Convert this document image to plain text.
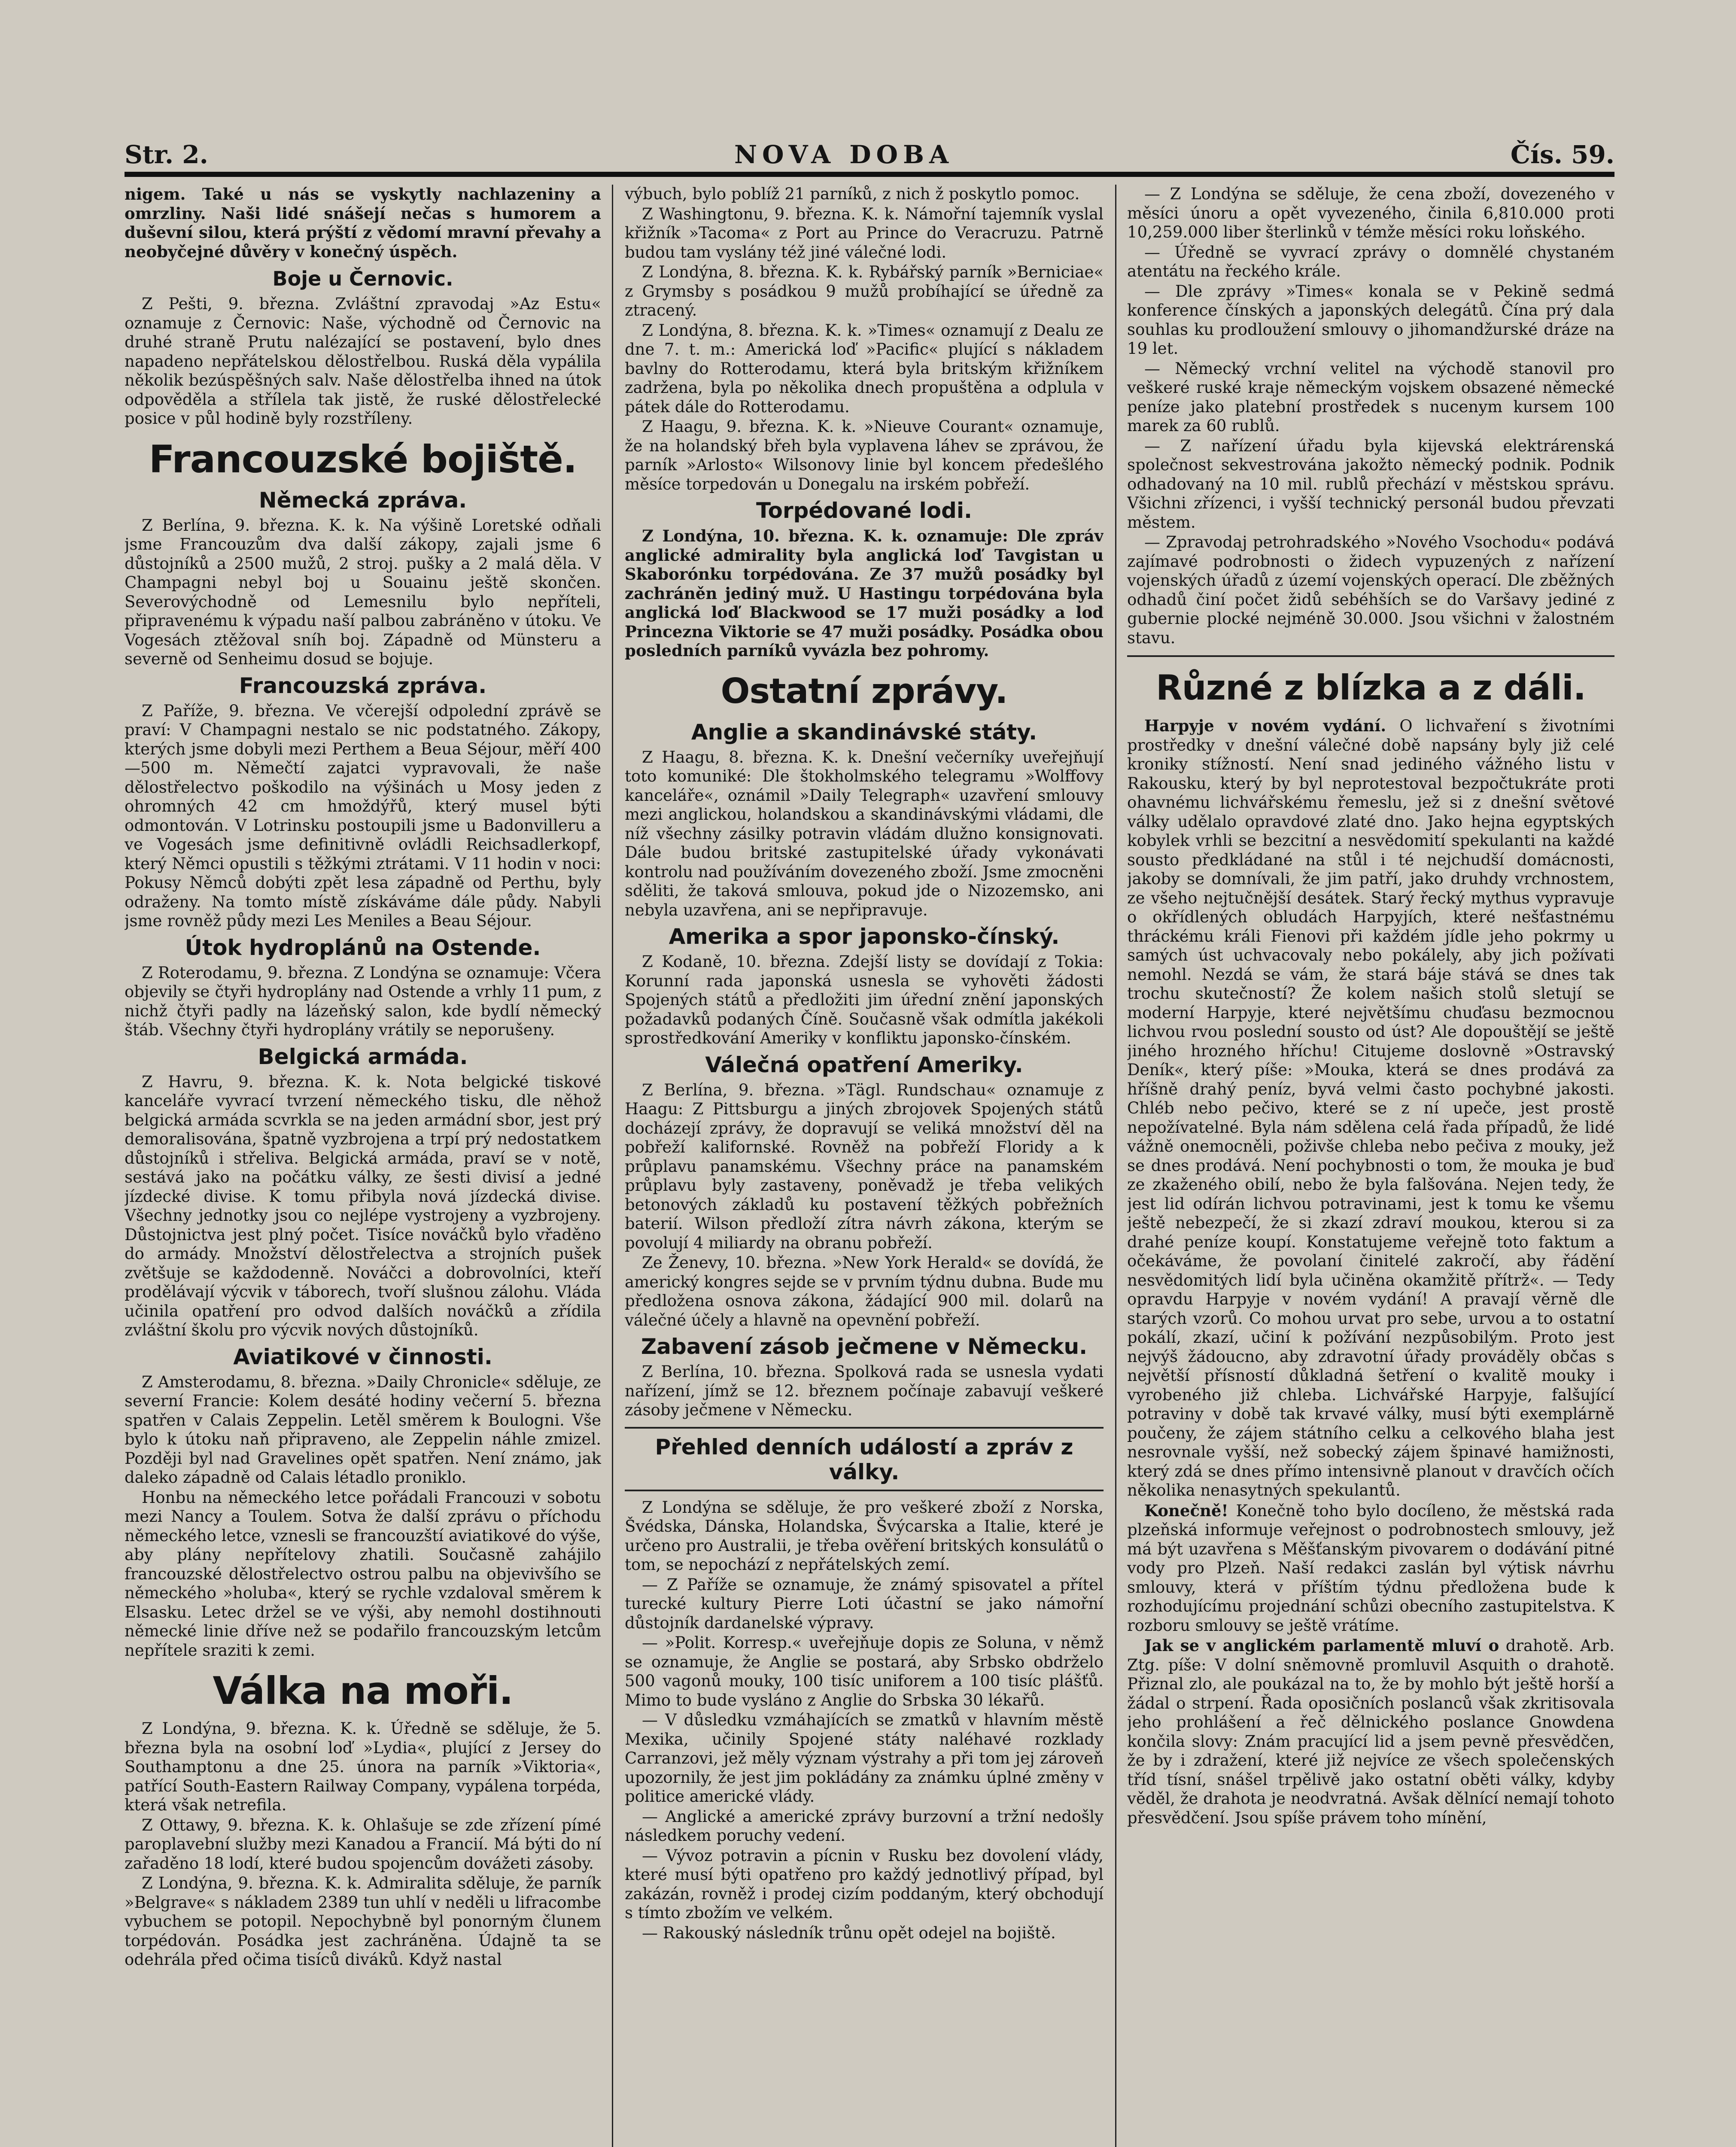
Str. 2.	NOVA DOBA	Čís. 59.

nigem. Také u nás se vyskytly nachlazeniny a omrzliny. Naši lidé snášejí nečas s humorem a duševní silou, která prýští z vědomí mravní převahy a neobyčejné důvěry v konečný úspěch.

Boje u Černovic.

Z Pešti, 9. března. Zvláštní zpravodaj »Az Estu« oznamuje z Černovic: Naše, východně od Černovic na druhé straně Prutu nalézající se postavení, bylo dnes napadeno nepřátelskou dělostřelbou. Ruská děla vypálila několik bezúspěšných salv. Naše dělostřelba ihned na útok odpověděla a střílela tak jistě, že ruské dělostřelecké posice v půl hodině byly rozstříleny.

Francouzské bojiště.
Německá zpráva.

Z Berlína, 9. března. K. k. Na výšině Loretské odňali jsme Francouzům dva další zákopy, zajali jsme 6 důstojníků a 2500 mužů, 2 stroj. pušky a 2 malá děla. V Champagni nebyl boj u Souainu ještě skončen. Severovýchodně od Lemesnilu bylo nepříteli, připravenému k výpadu naší palbou zabráněno v útoku. Ve Vogesách ztěžoval sníh boj. Západně od Münsteru a severně od Senheimu dosud se bojuje.

Francouzská zpráva.

Z Paříže, 9. března. Ve včerejší odpolední zprávě se praví: V Champagni nestalo se nic podstatného. Zákopy, kterých jsme dobyli mezi Perthem a Beua Séjour, měří 400—500 m. Němečtí zajatci vypravovali, že naše dělostřelectvo poškodilo na výšinách u Mosy jeden z ohromných 42 cm hmoždýřů, který musel býti odmontován. V Lotrinsku postoupili jsme u Badonvilleru a ve Vogesách jsme definitivně ovládli Reichsadlerkopf, který Němci opustili s těžkými ztrátami. V 11 hodin v noci: Pokusy Němců dobýti zpět lesa západně od Perthu, byly odraženy. Na tomto místě získáváme dále půdy. Nabyli jsme rovněž půdy mezi Les Meniles a Beau Séjour.

Útok hydroplánů na Ostende.

Z Roterodamu, 9. března. Z Londýna se oznamuje: Včera objevily se čtyři hydroplány nad Ostende a vrhly 11 pum, z nichž čtyři padly na lázeňský salon, kde bydlí německý štáb. Všechny čtyři hydroplány vrátily se neporušeny.

Belgická armáda.

Z Havru, 9. března. K. k. Nota belgické tiskové kanceláře vyvrací tvrzení německého tisku, dle něhož belgická armáda scvrkla se na jeden armádní sbor, jest prý demoralisována, špatně vyzbrojena a trpí prý nedostatkem důstojníků i střeliva. Belgická armáda, praví se v notě, sestává jako na počátku války, ze šesti divisí a jedné jízdecké divise. K tomu přibyla nová jízdecká divise. Všechny jednotky jsou co nejlépe vystrojeny a vyzbrojeny. Důstojnictva jest plný počet. Tisíce nováčků bylo vřaděno do armády. Množství dělostřelectva a strojních pušek zvětšuje se každodenně. Nováčci a dobrovolníci, kteří prodělávají výcvik v táborech, tvoří slušnou zálohu. Vláda učinila opatření pro odvod dalších nováčků a zřídila zvláštní školu pro výcvik nových důstojníků.

Aviatikové v činnosti.

Z Amsterodamu, 8. března. »Daily Chronicle« sděluje, ze severní Francie: Kolem desáté hodiny večerní 5. března spatřen v Calais Zeppelin. Letěl směrem k Boulogni. Vše bylo k útoku naň připraveno, ale Zeppelin náhle zmizel. Později byl nad Gravelines opět spatřen. Není známo, jak daleko západně od Calais létadlo proniklo.

Honbu na německého letce pořádali Francouzi v sobotu mezi Nancy a Toulem. Sotva že další zprávu o příchodu německého letce, vznesli se francouzští aviatikové do výše, aby plány nepřítelovy zhatili. Současně zahájilo francouzské dělostřelectvo ostrou palbu na objevivšího se německého »holuba«, který se rychle vzdaloval směrem k Elsasku. Letec držel se ve výši, aby nemohl dostihnouti německé linie dříve než se podařilo francouzským letcům nepřítele sraziti k zemi.

Válka na moři.

Z Londýna, 9. března. K. k. Úředně se sděluje, že 5. března byla na osobní loď »Lydia«, plující z Jersey do Southamptonu a dne 25. února na parník »Viktoria«, patřící South-Eastern Railway Company, vypálena torpéda, která však netrefila.

Z Ottawy, 9. března. K. k. Ohlašuje se zde zřízení pímé paroplavební služby mezi Kanadou a Francií. Má býti do ní zařaděno 18 lodí, které budou spojencům dovážeti zásoby.

Z Londýna, 9. března. K. k. Admiralita sděluje, že parník »Belgrave« s nákladem 2389 tun uhlí v neděli u lifracombe vybuchem se potopil. Nepochybně byl ponorným člunem torpédován. Posádka jest zachráněna. Údajně ta se odehrála před očima tisíců diváků. Když nastal

výbuch, bylo poblíž 21 parníků, z nich ž poskytlo pomoc.

Z Washingtonu, 9. března. K. k. Námořní tajemník vyslal křižník »Tacoma« z Port au Prince do Veracruzu. Patrně budou tam vyslány též jiné válečné lodi.

Z Londýna, 8. března. K. k. Rybářský parník »Berniciae« z Grymsby s posádkou 9 mužů probíhající se úředně za ztracený.

Z Londýna, 8. března. K. k. »Times« oznamují z Dealu ze dne 7. t. m.: Americká loď »Pacific« plující s nákladem bavlny do Rotterodamu, která byla britským křižníkem zadržena, byla po několika dnech propuštěna a odplula v pátek dále do Rotterodamu.

Z Haagu, 9. března. K. k. »Nieuve Courant« oznamuje, že na holandský břeh byla vyplavena láhev se zprávou, že parník »Arlosto« Wilsonovy linie byl koncem předešlého měsíce torpedován u Donegalu na irském pobřeží.

Torpédované lodi.

Z Londýna, 10. března. K. k. oznamuje: Dle zpráv anglické admirality byla anglická loď Tavgistan u Skaborónku torpédována. Ze 37 mužů posádky byl zachráněn jediný muž. U Hastingu torpédována byla anglická loď Blackwood se 17 muži posádky a loď Princezna Viktorie se 47 muži posádky. Posádka obou posledních parníků vyvázla bez pohromy.

Ostatní zprávy.
Anglie a skandinávské státy.

Z Haagu, 8. března. K. k. Dnešní večerníky uveřejňují toto komuniké: Dle štokholmského telegramu »Wolffovy kanceláře«, oznámil »Daily Telegraph« uzavření smlouvy mezi anglickou, holandskou a skandinávskými vládami, dle níž všechny zásilky potravin vládám dlužno konsignovati. Dále budou britské zastupitelské úřady vykonávati kontrolu nad používáním dovezeného zboží. Jsme zmocněni sděliti, že taková smlouva, pokud jde o Nizozemsko, ani nebyla uzavřena, ani se nepřipravuje.

Amerika a spor japonsko-čínský.

Z Kodaně, 10. března. Zdejší listy se dovídají z Tokia: Korunní rada japonská usnesla se vyhověti žádosti Spojených států a předložiti jim úřední znění japonských požadavků podaných Číně. Současně však odmítla jakékoli sprostředkování Ameriky v konfliktu japonsko-čínském.

Válečná opatření Ameriky.

Z Berlína, 9. března. »Tägl. Rundschau« oznamuje z Haagu: Z Pittsburgu a jiných zbrojovek Spojených států docházejí zprávy, že dopravují se veliká množství děl na pobřeží kalifornské. Rovněž na pobřeží Floridy a k průplavu panamskému. Všechny práce na panamském průplavu byly zastaveny, poněvadž je třeba velikých betonových základů ku postavení těžkých pobřežních baterií. Wilson předloží zítra návrh zákona, kterým se povolují 4 miliardy na obranu pobřeží.

Ze Ženevy, 10. března. »New York Herald« se dovídá, že americký kongres sejde se v prvním týdnu dubna. Bude mu předložena osnova zákona, žádající 900 mil. dolarů na válečné účely a hlavně na opevnění pobřeží.

Zabavení zásob ječmene v Německu.

Z Berlína, 10. března. Spolková rada se usnesla vydati nařízení, jímž se 12. březnem počínaje zabavují veškeré zásoby ječmene v Německu.

Přehled denních událostí a zpráv z války.

Z Londýna se sděluje, že pro veškeré zboží z Norska, Švédska, Dánska, Holandska, Švýcarska a Italie, které je určeno pro Australii, je třeba ověření britských konsulátů o tom, se nepochází z nepřátelských zemí.

— Z Paříže se oznamuje, že známý spisovatel a přítel turecké kultury Pierre Loti účastní se jako námořní důstojník dardanelské výpravy.

— »Polit. Korresp.« uveřejňuje dopis ze Soluna, v němž se oznamuje, že Anglie se postará, aby Srbsko obdrželo 500 vagonů mouky, 100 tisíc uniforem a 100 tisíc plášťů. Mimo to bude vysláno z Anglie do Srbska 30 lékařů.

— V důsledku vzmáhajících se zmatků v hlavním městě Mexika, učinily Spojené státy naléhavé rozklady Carranzovi, jež měly význam výstrahy a při tom jej zároveň upozornily, že jest jim pokládány za známku úplné změny v politice americké vlády.

— Anglické a americké zprávy burzovní a tržní nedošly následkem poruchy vedení.

— Vývoz potravin a pícnin v Rusku bez dovolení vlády, které musí býti opatřeno pro každý jednotlivý případ, byl zakázán, rovněž i prodej cizím poddaným, který obchodují s tímto zbožím ve velkém.

— Rakouský následník trůnu opět odejel na bojiště.

— Z Londýna se sděluje, že cena zboží, dovezeného v měsíci únoru a opět vyvezeného, činila 6,810.000 proti 10,259.000 liber šterlinků v témže měsíci roku loňského.

— Úředně se vyvrací zprávy o domnělé chystaném atentátu na řeckého krále.

— Dle zprávy »Times« konala se v Pekině sedmá konference čínských a japonských delegátů. Čína prý dala souhlas ku prodloužení smlouvy o jihomandžurské dráze na 19 let.

— Německý vrchní velitel na východě stanovil pro veškeré ruské kraje německým vojskem obsazené německé peníze jako platební prostředek s nucenym kursem 100 marek za 60 rublů.

— Z nařízení úřadu byla kijevská elektrárenská společnost sekvestrována jakožto německý podnik. Podnik odhadovaný na 10 mil. rublů přechází v městskou správu. Všichni zřízenci, i vyšší technický personál budou převzati městem.

— Zpravodaj petrohradského »Nového Vsochodu« podává zajímavé podrobnosti o židech vypuzených z nařízení vojenských úřadů z území vojenských operací. Dle zběžných odhadů činí počet židů sebéhších se do Varšavy jediné z gubernie plocké nejméně 30.000. Jsou všichni v žalostném stavu.

Různé z blízka a z dáli.

Harpyje v novém vydání. O lichvaření s životními prostředky v dnešní válečné době napsány byly již celé kroniky stížností. Není snad jediného vážného listu v Rakousku, který by byl neprotestoval bezpočtukráte proti ohavnému lichvářskému řemeslu, jež si z dnešní světové války udělalo opravdové zlaté dno. Jako hejna egyptských kobylek vrhli se bezcitní a nesvědomití spekulanti na každé sousto předkládané na stůl i té nejchudší domácnosti, jakoby se domnívali, že jim patří, jako druhdy vrchnostem, ze všeho nejtučnější desátek. Starý řecký mythus vypravuje o okřídlených obludách Harpyjích, které nešťastnému thráckému králi Fienovi při každém jídle jeho pokrmy u samých úst uchvacovaly nebo pokálely, aby jich požívati nemohl. Nezdá se vám, že stará báje stává se dnes tak trochu skutečností? Že kolem našich stolů sletují se moderní Harpyje, které největšímu chuďasu bezmocnou lichvou rvou poslední sousto od úst? Ale dopouštějí se ještě jiného hrozného hříchu! Citujeme doslovně »Ostravský Deník«, který píše: »Mouka, která se dnes prodává za hříšně drahý peníz, byvá velmi často pochybné jakosti. Chléb nebo pečivo, které se z ní upeče, jest prostě nepožívatelné. Byla nám sdělena celá řada případů, že lidé vážně onemocněli, poživše chleba nebo pečiva z mouky, jež se dnes prodává. Není pochybnosti o tom, že mouka je buď ze zkaženého obilí, nebo že byla falšována. Nejen tedy, že jest lid odírán lichvou potravinami, jest k tomu ke všemu ještě nebezpečí, že si zkazí zdraví moukou, kterou si za drahé peníze koupí. Konstatujeme veřejně toto faktum a očekáváme, že povolaní činitelé zakročí, aby řádění nesvědomitých lidí byla učiněna okamžitě přítrž«. — Tedy opravdu Harpyje v novém vydání! A pravají věrně dle starých vzorů. Co mohou urvat pro sebe, urvou a to ostatní pokálí, zkazí, učiní k požívání nezpůsobilým. Proto jest nejvýš žádoucno, aby zdravotní úřady prováděly občas s největší přísností důkladná šetření o kvalitě mouky i vyrobeného již chleba. Lichvářské Harpyje, falšující potraviny v době tak krvavé války, musí býti exemplárně poučeny, že zájem státního celku a celkového blaha jest nesrovnale vyšší, než sobecký zájem špinavé hamižnosti, který zdá se dnes přímo intensivně planout v dravčích očích několika nenasytných spekulantů.

Konečně! Konečně toho bylo docíleno, že městská rada plzeňská informuje veřejnost o podrobnostech smlouvy, jež má být uzavřena s Měšťanským pivovarem o dodávání pitné vody pro Plzeň. Naší redakci zaslán byl výtisk návrhu smlouvy, která v příštím týdnu předložena bude k rozhodujícímu projednání schůzi obecního zastupitelstva. K rozboru smlouvy se ještě vrátíme.

Jak se v anglickém parlamentě mluví o drahotě. Arb. Ztg. píše: V dolní sněmovně promluvil Asquith o drahotě. Přiznal zlo, ale poukázal na to, že by mohlo být ještě horší a žádal o strpení. Řada oposičních poslanců však zkritisovala jeho prohlášení a řeč dělnického poslance Gnowdena končila slovy: Znám pracující lid a jsem pevně přesvědčen, že by i zdražení, které již nejvíce ze všech společenských tříd tísní, snášel trpělivě jako ostatní oběti války, kdyby věděl, že drahota je neodvratná. Avšak dělnící nemají tohoto přesvědčení. Jsou spíše právem toho mínění,
